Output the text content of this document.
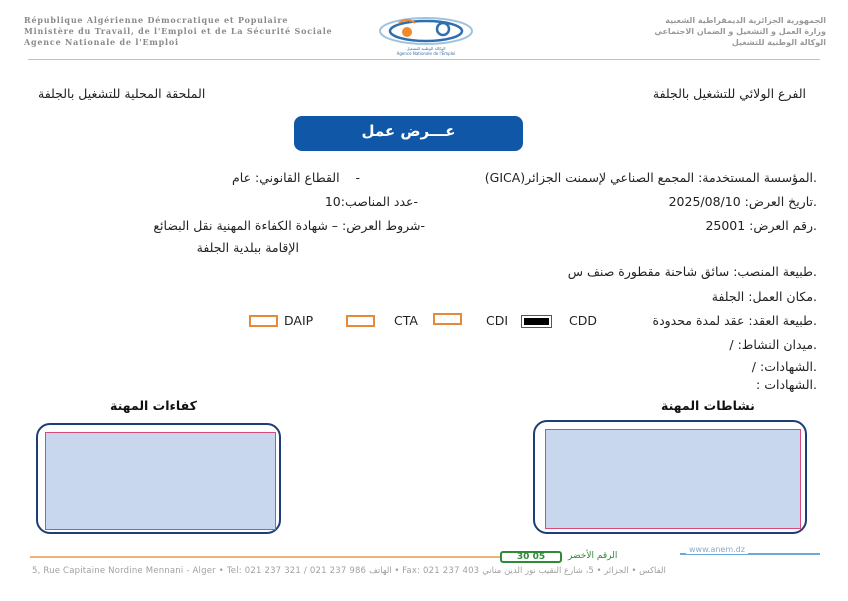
République Algérienne Démocratique et Populaire
Ministère du Travail, de l'Emploi et de La Sécurité Sociale
Agence Nationale de l'Emploi
الوكالة الوطنية للتشغيل
Agence Nationale de l'Emploi
الجمهورية الجزائرية الديمقراطية الشعبية
وزارة العمل و التشغيل و الضمان الاجتماعي
الوكالة الوطنية للتشغيل
الفرع الولائي للتشغيل بالجلفة
الملحقة المحلية للتشغيل بالجلفة
عـــرض عمل
.المؤسسة المستخدمة: المجمع الصناعي لإسمنت الجزائر(GICA)
.تاريخ العرض: 2025/08/10
.رقم العرض: 25001
.طبيعة المنصب: سائق شاحنة مقطورة صنف س
.مكان العمل: الجلفة
.طبيعة العقد: عقد لمدة محدودة
.ميدان النشاط: /
.الشهادات: /
.الشهادات :
-    القطاع القانوني: عام
-عدد المناصب:10
-شروط العرض: – شهادة الكفاءة المهنية نقل البضائع
الإقامة ببلدية الجلفة
CDD
CDI
CTA
DAIP
نشاطات المهنة
كفاءات المهنة
30 05	الرقم الأخضر
www.anem.dz
5, Rue Capitaine Nordine Mennani - Alger • Tel: 021 237 321 / 021 237 986 الهاتف • Fax: 021 237 403 الفاكس • الجزائر • 5، شارع النقيب نور الدين مناني
